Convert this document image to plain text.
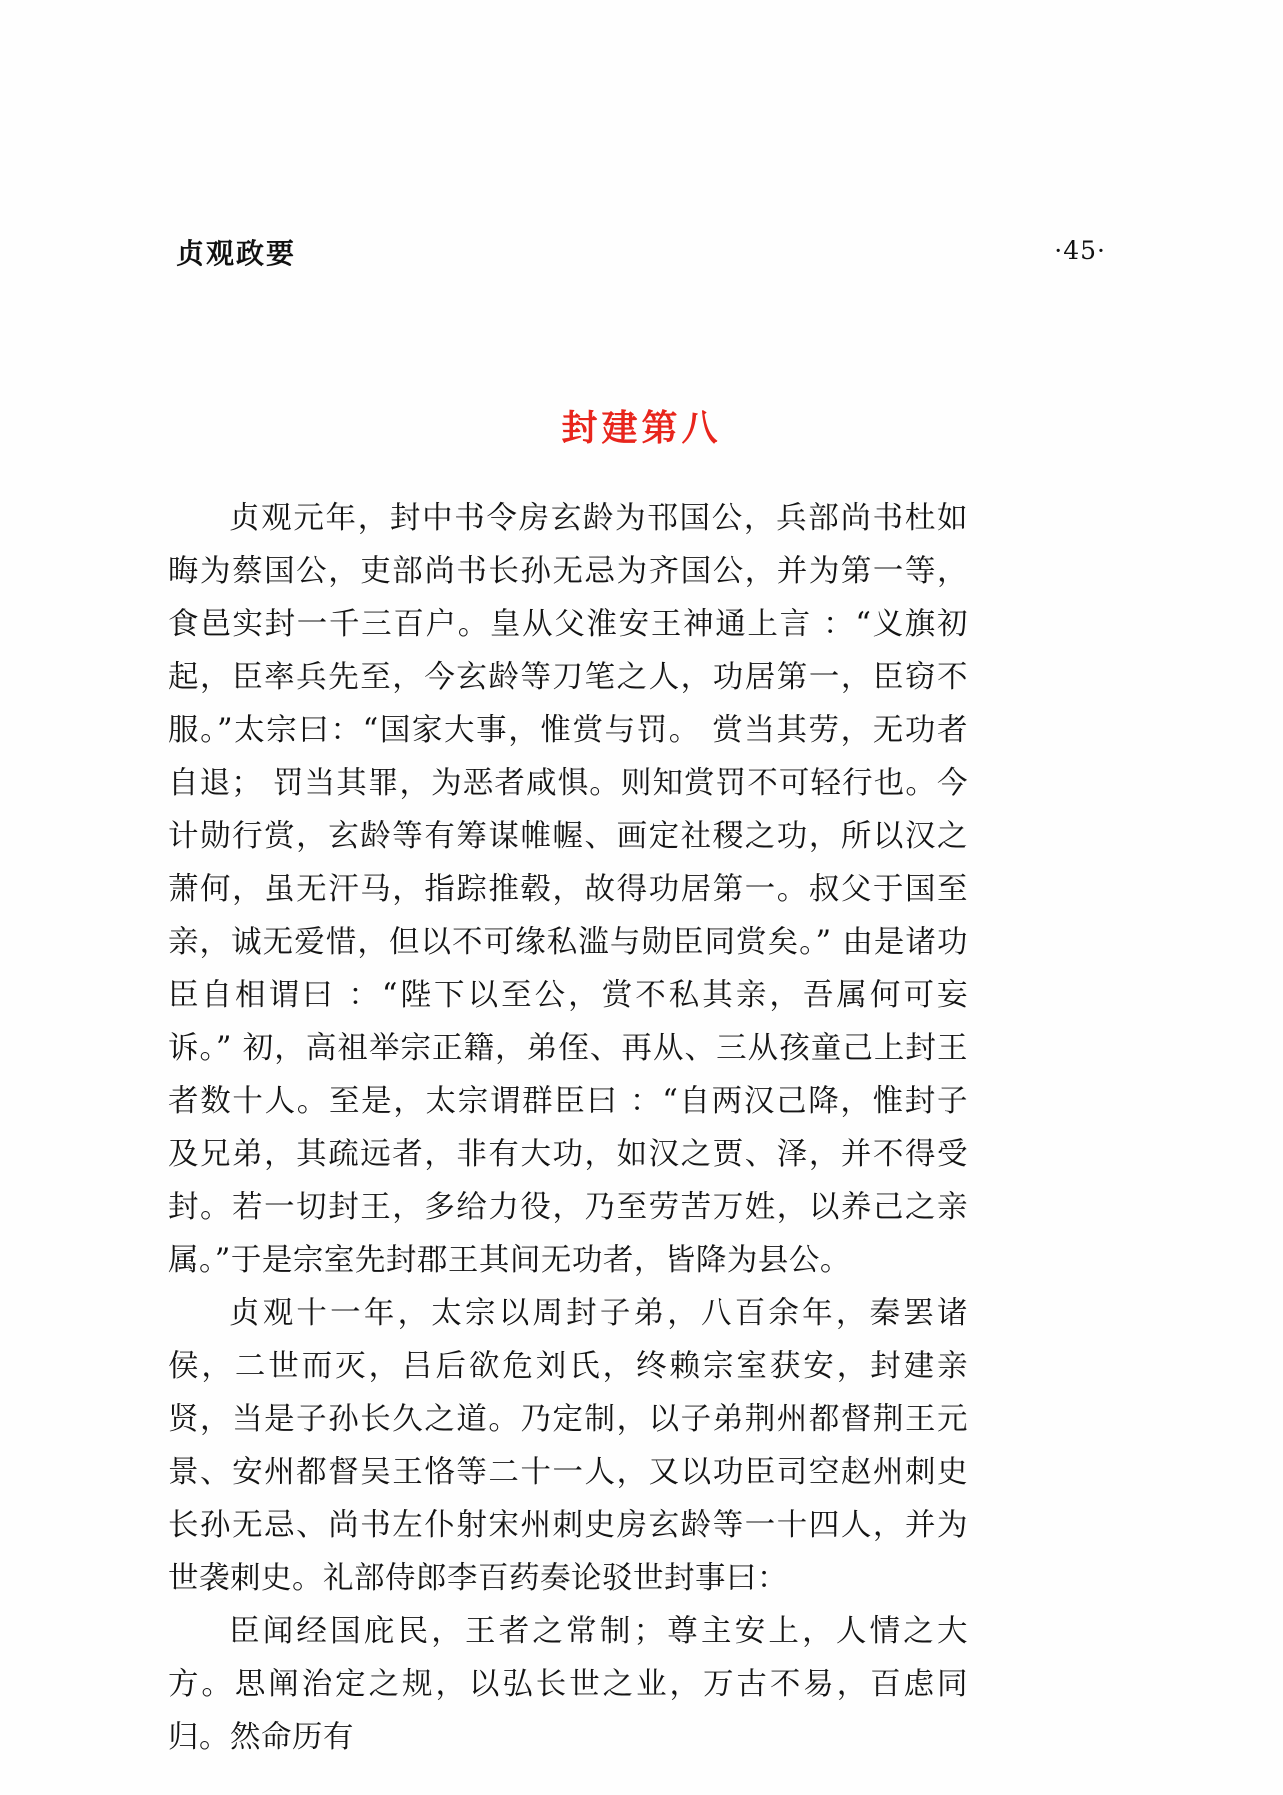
贞观政要	·45·
封建第八

贞观元年，封中书令房玄龄为邗国公，兵部尚书杜如晦为蔡国公，吏部尚书长孙无忌为齐国公，并为第一等，食邑实封一千三百户。皇从父淮安王神通上言 ：“义旗初起，臣率兵先至，今玄龄等刀笔之人，功居第一，臣窃不服。”太宗曰：“国家大事，惟赏与罚。 赏当其劳，无功者自退； 罚当其罪，为恶者咸惧。则知赏罚不可轻行也。今计勋行赏，玄龄等有筹谋帷幄、画定社稷之功，所以汉之萧何，虽无汗马，指踪推毂，故得功居第一。叔父于国至亲，诚无爱惜，但以不可缘私滥与勋臣同赏矣。” 由是诸功臣自相谓曰 ：“陛下以至公，赏不私其亲，吾属何可妄诉。” 初，高祖举宗正籍，弟侄、再从、三从孩童己上封王者数十人。至是，太宗谓群臣曰 ：“自两汉己降，惟封子及兄弟，其疏远者，非有大功，如汉之贾、泽，并不得受封。若一切封王，多给力役，乃至劳苦万姓，以养己之亲属。”于是宗室先封郡王其间无功者，皆降为县公。

贞观十一年，太宗以周封子弟，八百余年，秦罢诸侯，二世而灭，吕后欲危刘氏，终赖宗室获安，封建亲贤，当是子孙长久之道。乃定制，以子弟荆州都督荆王元景、安州都督吴王恪等二十一人，又以功臣司空赵州刺史长孙无忌、尚书左仆射宋州刺史房玄龄等一十四人，并为世袭刺史。礼部侍郎李百药奏论驳世封事曰：

臣闻经国庇民，王者之常制；尊主安上，人情之大方。思阐治定之规，以弘长世之业，万古不易，百虑同归。然命历有
